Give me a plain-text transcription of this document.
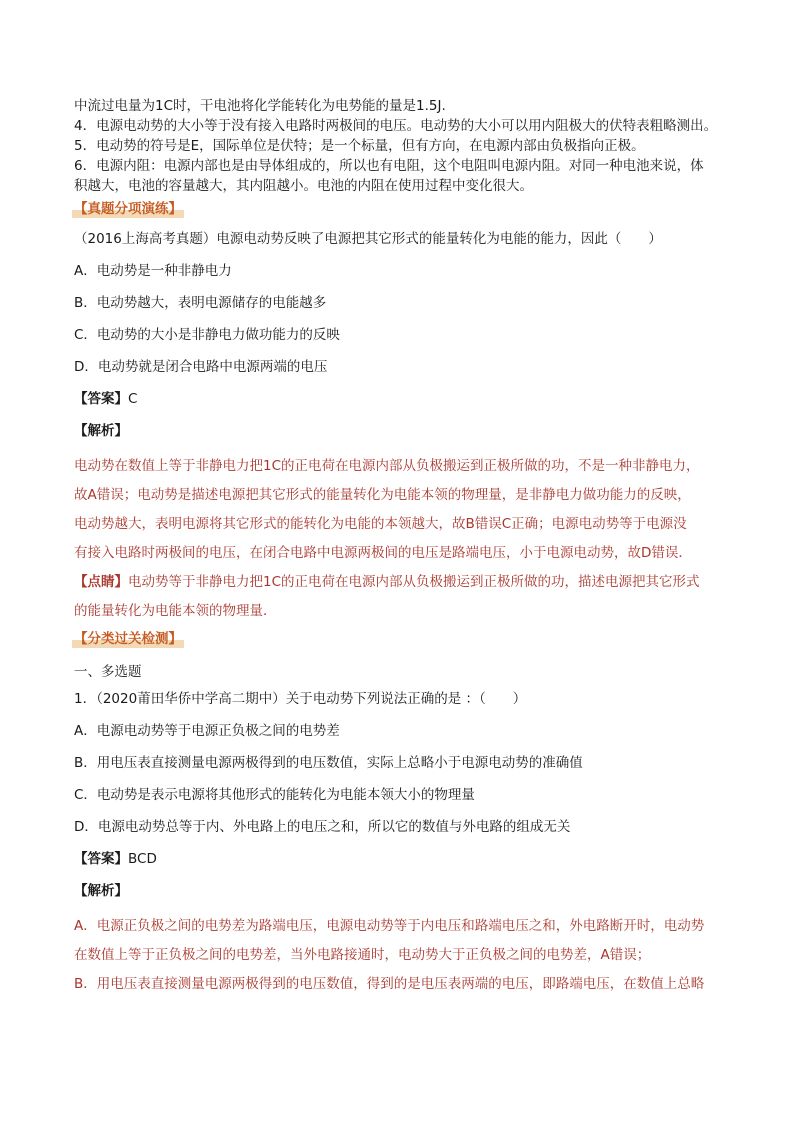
中流过电量为1C时，干电池将化学能转化为电势能的量是1.5J.
4．电源电动势的大小等于没有接入电路时两极间的电压。电动势的大小可以用内阻极大的伏特表粗略测出。
5．电动势的符号是E，国际单位是伏特；是一个标量，但有方向，在电源内部由负极指向正极。
6．电源内阻：电源内部也是由导体组成的，所以也有电阻，这个电阻叫电源内阻。对同一种电池来说，体
积越大，电池的容量越大，其内阻越小。电池的内阻在使用过程中变化很大。
【真题分项演练】
（2016上海高考真题）电源电动势反映了电源把其它形式的能量转化为电能的能力，因此（　　）
A．电动势是一种非静电力
B．电动势越大，表明电源储存的电能越多
C．电动势的大小是非静电力做功能力的反映
D．电动势就是闭合电路中电源两端的电压
【答案】C
【解析】
电动势在数值上等于非静电力把1C的正电荷在电源内部从负极搬运到正极所做的功，不是一种非静电力，
故A错误；电动势是描述电源把其它形式的能量转化为电能本领的物理量，是非静电力做功能力的反映，
电动势越大，表明电源将其它形式的能转化为电能的本领越大，故B错误C正确；电源电动势等于电源没
有接入电路时两极间的电压，在闭合电路中电源两极间的电压是路端电压，小于电源电动势，故D错误．
【点睛】电动势等于非静电力把1C的正电荷在电源内部从负极搬运到正极所做的功，描述电源把其它形式
的能量转化为电能本领的物理量．
【分类过关检测】
一、多选题
1．（2020莆田华侨中学高二期中）关于电动势下列说法正确的是 ：（　　）
A．电源电动势等于电源正负极之间的电势差
B．用电压表直接测量电源两极得到的电压数值，实际上总略小于电源电动势的准确值
C．电动势是表示电源将其他形式的能转化为电能本领大小的物理量
D．电源电动势总等于内、外电路上的电压之和，所以它的数值与外电路的组成无关
【答案】BCD
【解析】
A．电源正负极之间的电势差为路端电压，电源电动势等于内电压和路端电压之和，外电路断开时，电动势
在数值上等于正负极之间的电势差，当外电路接通时，电动势大于正负极之间的电势差，A错误；
B．用电压表直接测量电源两极得到的电压数值，得到的是电压表两端的电压，即路端电压，在数值上总略
